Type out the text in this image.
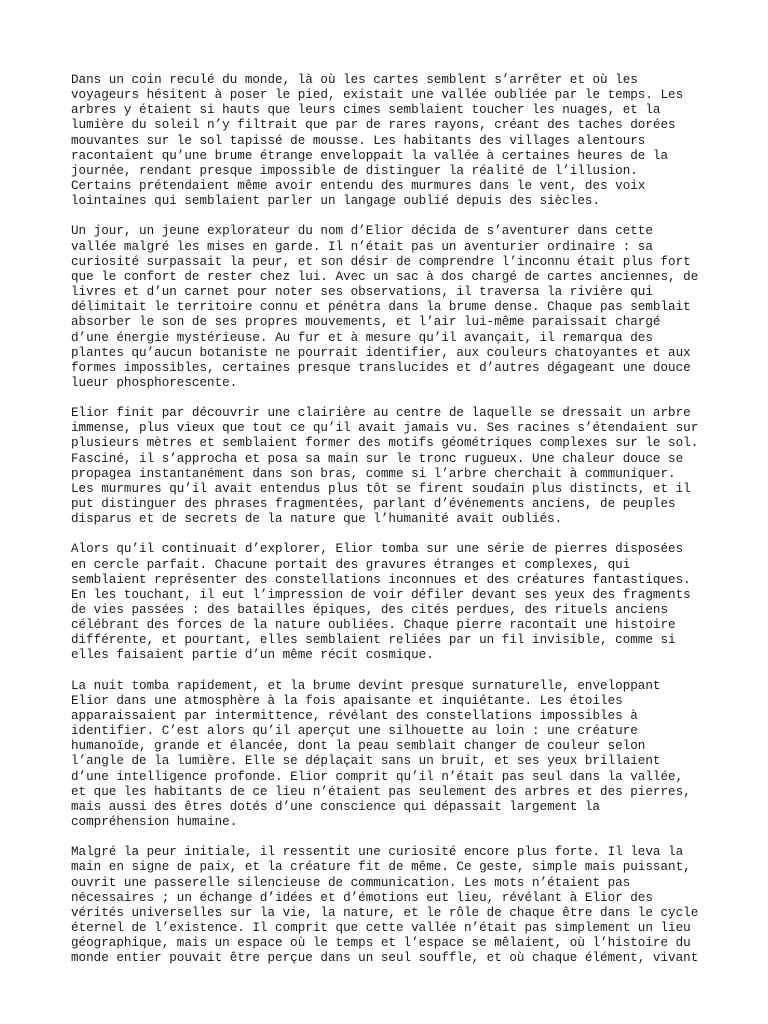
Dans un coin reculé du monde, là où les cartes semblent s’arrêter et où les
voyageurs hésitent à poser le pied, existait une vallée oubliée par le temps. Les
arbres y étaient si hauts que leurs cimes semblaient toucher les nuages, et la
lumière du soleil n’y filtrait que par de rares rayons, créant des taches dorées
mouvantes sur le sol tapissé de mousse. Les habitants des villages alentours
racontaient qu’une brume étrange enveloppait la vallée à certaines heures de la
journée, rendant presque impossible de distinguer la réalité de l’illusion.
Certains prétendaient même avoir entendu des murmures dans le vent, des voix
lointaines qui semblaient parler un langage oublié depuis des siècles.

Un jour, un jeune explorateur du nom d’Elior décida de s’aventurer dans cette
vallée malgré les mises en garde. Il n’était pas un aventurier ordinaire : sa
curiosité surpassait la peur, et son désir de comprendre l’inconnu était plus fort
que le confort de rester chez lui. Avec un sac à dos chargé de cartes anciennes, de
livres et d’un carnet pour noter ses observations, il traversa la rivière qui
délimitait le territoire connu et pénétra dans la brume dense. Chaque pas semblait
absorber le son de ses propres mouvements, et l’air lui-même paraissait chargé
d’une énergie mystérieuse. Au fur et à mesure qu’il avançait, il remarqua des
plantes qu’aucun botaniste ne pourrait identifier, aux couleurs chatoyantes et aux
formes impossibles, certaines presque translucides et d’autres dégageant une douce
lueur phosphorescente.

Elior finit par découvrir une clairière au centre de laquelle se dressait un arbre
immense, plus vieux que tout ce qu’il avait jamais vu. Ses racines s’étendaient sur
plusieurs mètres et semblaient former des motifs géométriques complexes sur le sol.
Fasciné, il s’approcha et posa sa main sur le tronc rugueux. Une chaleur douce se
propagea instantanément dans son bras, comme si l’arbre cherchait à communiquer.
Les murmures qu’il avait entendus plus tôt se firent soudain plus distincts, et il
put distinguer des phrases fragmentées, parlant d’événements anciens, de peuples
disparus et de secrets de la nature que l’humanité avait oubliés.

Alors qu’il continuait d’explorer, Elior tomba sur une série de pierres disposées
en cercle parfait. Chacune portait des gravures étranges et complexes, qui
semblaient représenter des constellations inconnues et des créatures fantastiques.
En les touchant, il eut l’impression de voir défiler devant ses yeux des fragments
de vies passées : des batailles épiques, des cités perdues, des rituels anciens
célébrant des forces de la nature oubliées. Chaque pierre racontait une histoire
différente, et pourtant, elles semblaient reliées par un fil invisible, comme si
elles faisaient partie d’un même récit cosmique.

La nuit tomba rapidement, et la brume devint presque surnaturelle, enveloppant
Elior dans une atmosphère à la fois apaisante et inquiétante. Les étoiles
apparaissaient par intermittence, révélant des constellations impossibles à
identifier. C’est alors qu’il aperçut une silhouette au loin : une créature
humanoïde, grande et élancée, dont la peau semblait changer de couleur selon
l’angle de la lumière. Elle se déplaçait sans un bruit, et ses yeux brillaient
d’une intelligence profonde. Elior comprit qu’il n’était pas seul dans la vallée,
et que les habitants de ce lieu n’étaient pas seulement des arbres et des pierres,
mais aussi des êtres dotés d’une conscience qui dépassait largement la
compréhension humaine.

Malgré la peur initiale, il ressentit une curiosité encore plus forte. Il leva la
main en signe de paix, et la créature fit de même. Ce geste, simple mais puissant,
ouvrit une passerelle silencieuse de communication. Les mots n’étaient pas
nécessaires ; un échange d’idées et d’émotions eut lieu, révélant à Elior des
vérités universelles sur la vie, la nature, et le rôle de chaque être dans le cycle
éternel de l’existence. Il comprit que cette vallée n’était pas simplement un lieu
géographique, mais un espace où le temps et l’espace se mêlaient, où l’histoire du
monde entier pouvait être perçue dans un seul souffle, et où chaque élément, vivant
